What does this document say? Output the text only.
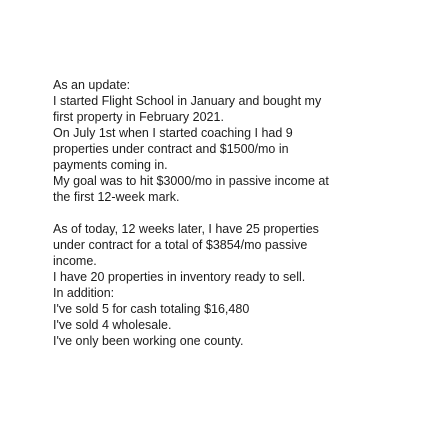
As an update:

I started Flight School in January and bought my

first property in February 2021.

On July 1st when I started coaching I had 9

properties under contract and $1500/mo in

payments coming in.

My goal was to hit $3000/mo in passive income at

the first 12-week mark.

As of today, 12 weeks later, I have 25 properties

under contract for a total of $3854/mo passive

income.

I have 20 properties in inventory ready to sell.

In addition:

I've sold 5 for cash totaling $16,480

I've sold 4 wholesale.

I've only been working one county.
